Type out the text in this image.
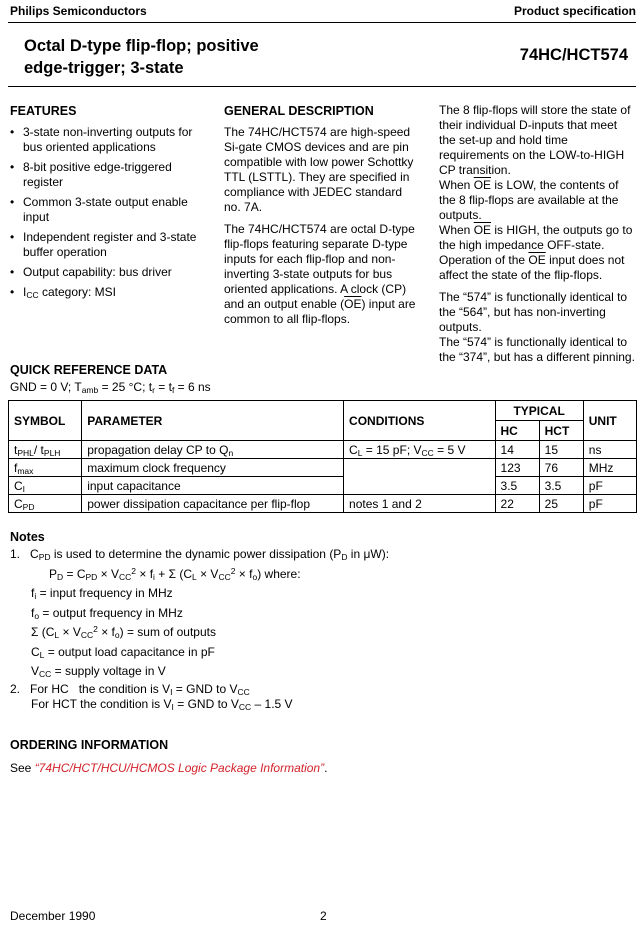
Philips Semiconductors	Product specification
Octal D-type flip-flop; positive
edge-trigger; 3-state
74HC/HCT574
FEATURES
• 3-state non-inverting outputs for bus oriented applications
• 8-bit positive edge-triggered register
• Common 3-state output enable input
• Independent register and 3-state buffer operation
• Output capability: bus driver
• $I_{CC}$ category: MSI
GENERAL DESCRIPTION

The 74HC/HCT574 are high-speed Si-gate CMOS devices and are pin compatible with low power Schottky TTL (LSTTL). They are specified in compliance with JEDEC standard no. 7A.

The 74HC/HCT574 are octal D-type flip-flops featuring separate D-type inputs for each flip-flop and non-inverting 3-state outputs for bus oriented applications. A clock (CP) and an output enable $(\overline{OE})$ input are common to all flip-flops.

The 8 flip-flops will store the state of their individual D-inputs that meet the set-up and hold time requirements on the LOW-to-HIGH CP transition.

When $\overline{OE}$ is LOW, the contents of the 8 flip-flops are available at the outputs.

When $\overline{OE}$ is HIGH, the outputs go to the high impedance OFF-state. Operation of the $\overline{OE}$ input does not affect the state of the flip-flops.

The “574” is functionally identical to the “564”, but has non-inverting outputs.

The “574” is functionally identical to the “374”, but has a different pinning.

QUICK REFERENCE DATA
GND = 0 V; $T_{amb} = 25$ °C; $t_r = t_f = 6$ ns
SYMBOL	PARAMETER	CONDITIONS	TYPICAL		UNIT
			HC	HCT	
$t_{PHL}/$ $t_{PLH}$	propagation delay CP to $Q_n$	$C_L = 15$ pF; $V_{CC} = 5$ V	14	15	ns
$f_{max}$	maximum clock frequency		123	76	MHz
$C_I$	input capacitance		3.5	3.5	pF
$C_{PD}$	power dissipation capacitance per flip-flop	notes 1 and 2	22	25	pF
Notes
1.   $C_{PD}$ is used to determine the dynamic power dissipation ($P_D$ in μW):
$P_D = C_{PD} \times V_{CC}^2 \times f_i + \Sigma$ $(C_L \times V_{CC}^2 \times f_o)$ where:
$f_i$ = input frequency in MHz
$f_o$ = output frequency in MHz
Σ $(C_L \times V_{CC}^2 \times f_o)$ = sum of outputs
$C_L$ = output load capacitance in pF
$V_{CC}$ = supply voltage in V
2. For HC   the condition is $V_I$ = GND to $V_{CC}$
For HCT the condition is $V_I$ = GND to $V_{CC} - 1.5$ V
ORDERING INFORMATION
See “74HC/HCT/HCU/HCMOS Logic Package Information”.
December 1990	2
